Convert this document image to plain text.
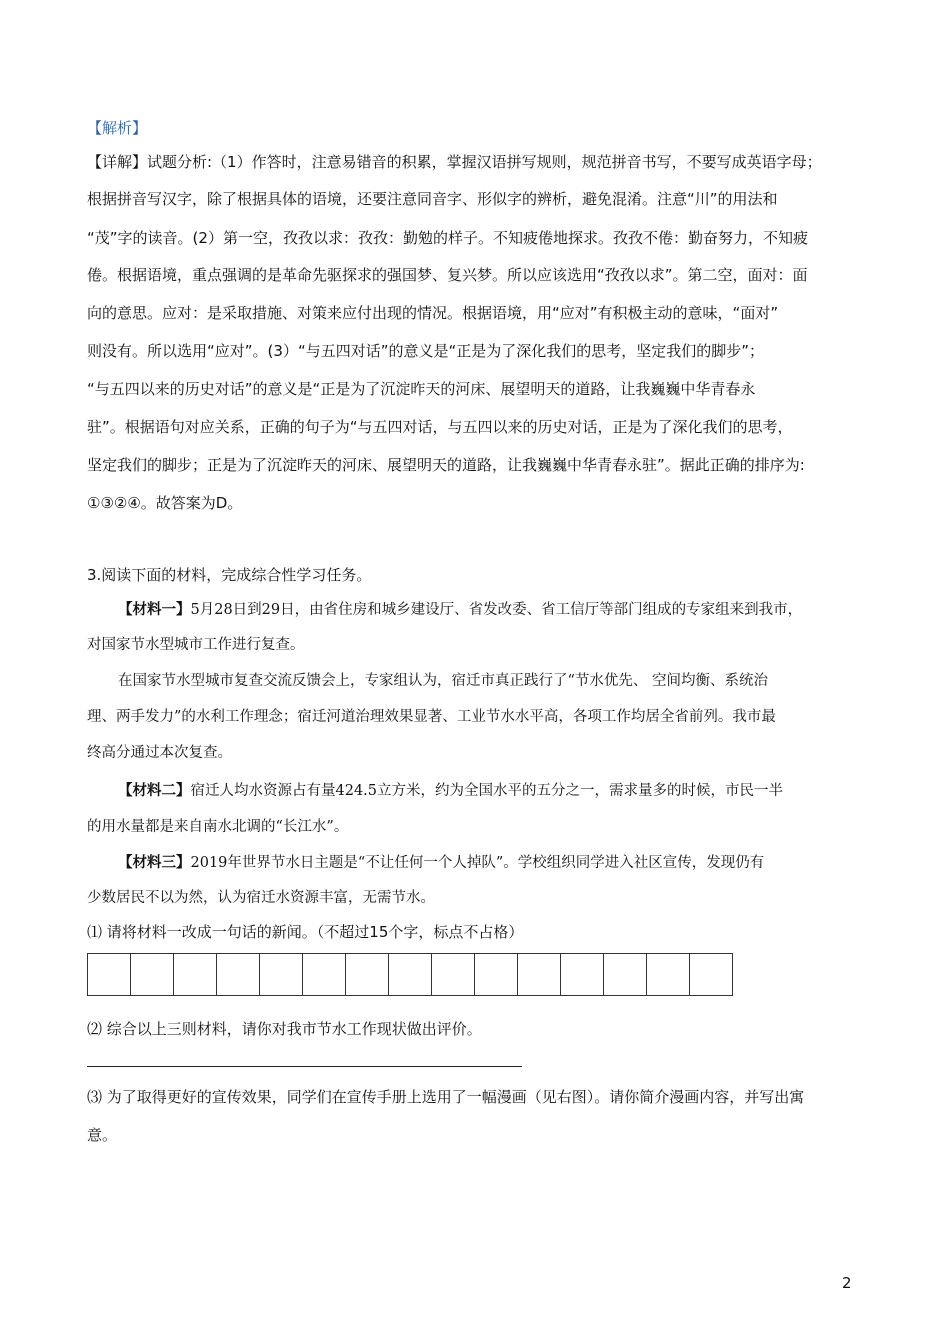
【解析】
【详解】试题分析:（1）作答时，注意易错音的积累，掌握汉语拼写规则，规范拼音书写，不要写成英语字母；
根据拼音写汉字，除了根据具体的语境，还要注意同音字、形似字的辨析，避免混淆。注意“川”的用法和
“茂”字的读音。(2）第一空，孜孜以求：孜孜：勤勉的样子。不知疲倦地探求。孜孜不倦：勤奋努力，不知疲
倦。根据语境，重点强调的是革命先驱探求的强国梦、复兴梦。所以应该选用“孜孜以求”。第二空，面对：面
向的意思。应对：是采取措施、对策来应付出现的情况。根据语境，用“应对”有积极主动的意味，“面对”
则没有。所以选用“应对”。(3）“与五四对话”的意义是“正是为了深化我们的思考，坚定我们的脚步”；
“与五四以来的历史对话”的意义是“正是为了沉淀昨天的河床、展望明天的道路，让我巍巍中华青春永
驻”。根据语句对应关系，正确的句子为“与五四对话，与五四以来的历史对话，正是为了深化我们的思考，
坚定我们的脚步；正是为了沉淀昨天的河床、展望明天的道路，让我巍巍中华青春永驻”。据此正确的排序为:
①③②④。故答案为D。
3.阅读下面的材料，完成综合性学习任务。
【材料一】5月28日到29日，由省住房和城乡建设厅、省发改委、省工信厅等部门组成的专家组来到我市，
对国家节水型城市工作进行复查。
在国家节水型城市复查交流反馈会上，专家组认为，宿迁市真正践行了“节水优先、 空间均衡、系统治
理、两手发力”的水利工作理念；宿迁河道治理效果显著、工业节水水平高，各项工作均居全省前列。我市最
终高分通过本次复查。
【材料二】宿迁人均水资源占有量424.5立方米，约为全国水平的五分之一，需求量多的时候，市民一半
的用水量都是来自南水北调的“长江水”。
【材料三】2019年世界节水日主题是“不让任何一个人掉队”。学校组织同学进入社区宣传，发现仍有
少数居民不以为然，认为宿迁水资源丰富，无需节水。
⑴ 请将材料一改成一句话的新闻。（不超过15个字，标点不占格）
⑵ 综合以上三则材料，请你对我市节水工作现状做出评价。
⑶ 为了取得更好的宣传效果，同学们在宣传手册上选用了一幅漫画（见右图）。请你简介漫画内容，并写出寓
意。
2
